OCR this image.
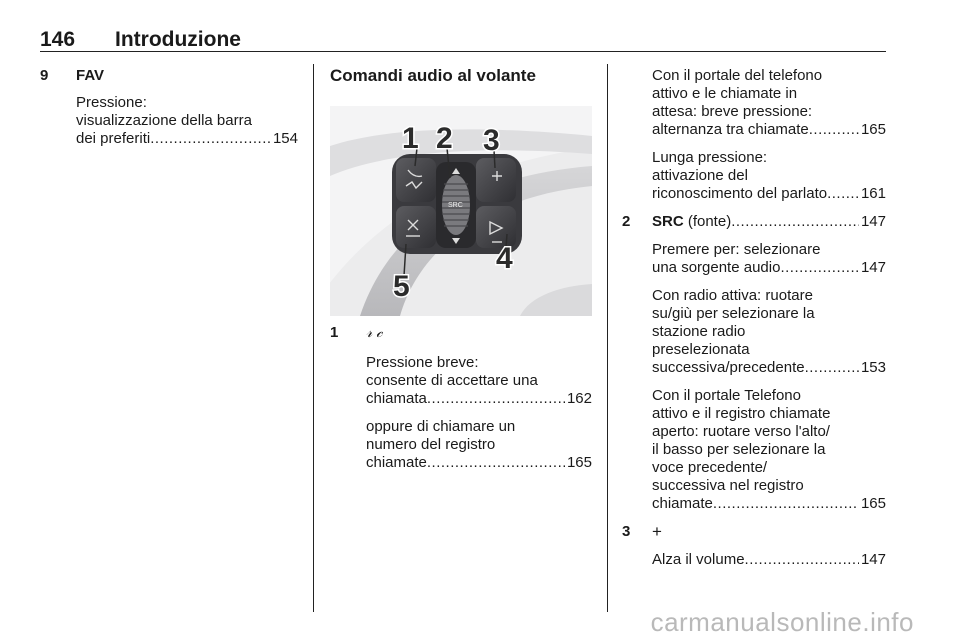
146 Introduzione
9 FAV
Pressione:
visualizzazione della barra
dei preferiti .....	154
Comandi audio al volante
SRC
1 2 3
4
5
1 𝓇 𝒸
Pressione breve:
consente di accettare una
chiamata .....	162
oppure di chiamare un
numero del registro
chiamate .....	165
Con il portale del telefono
attivo e le chiamate in
attesa: breve pressione:
alternanza tra chiamate .....	165
Lunga pressione:
attivazione del
riconoscimento del parlato ..... 161
2 SRC (fonte) .....	147
Premere per: selezionare
una sorgente audio .....	147
Con radio attiva: ruotare
su/giù per selezionare la
stazione radio
preselezionata
successiva/precedente .....	153
Con il portale Telefono
attivo e il registro chiamate
aperto: ruotare verso l'alto/
il basso per selezionare la
voce precedente/
successiva nel registro
chiamate .....	165
3 +
Alza il volume .....	147
carmanualsonline.info
